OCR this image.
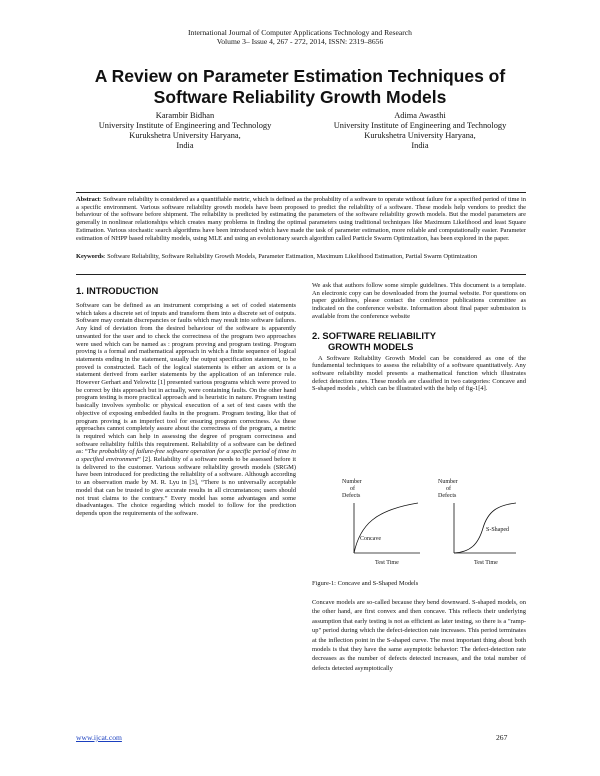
International Journal of Computer Applications Technology and Research
Volume 3– Issue 4, 267 - 272, 2014, ISSN: 2319–8656
A Review on Parameter Estimation Techniques of
Software Reliability Growth Models
Karambir Bidhan
University Institute of Engineering and Technology
Kurukshetra University Haryana,
India
Adima Awasthi
University Institute of Engineering and Technology
Kurukshetra University Haryana,
India
Abstract: Software reliability is considered as a quantifiable metric, which is defined as the probability of a software to operate without failure for a specified period of time in a specific environment. Various software reliability growth models have been proposed to predict the reliability of a software. These models help vendors to predict the behaviour of the software before shipment. The reliability is predicted by estimating the parameters of the software reliability growth models. But the model parameters are generally in nonlinear relationships which creates many problems in finding the optimal parameters using traditional techniques like Maximum Likelihood and least Square Estimation. Various stochastic search algorithms have been introduced which have made the task of parameter estimation, more reliable and computationally easier. Parameter estimation of NHPP based reliability models, using MLE and using an evolutionary search algorithm called Particle Swarm Optimization, has been explored in the paper.
Keywords: Software Reliability, Software Reliability Growth Models, Parameter Estimation, Maximum Likelihood Estimation, Partial Swarm Optimization
1. INTRODUCTION

Software can be defined as an instrument comprising a set of coded statements which takes a discrete set of inputs and transform them into a discrete set of outputs. Software may contain discrepancies or faults which may result into software failures. Any kind of deviation from the desired behaviour of the software is apparently unwanted for the user and to check the correctness of the program two approaches were used which can be named as : program proving and program testing. Program proving is a formal and mathematical approach in which a finite sequence of logical statements ending in the statement, usually the output specification statement, to be proved is constructed. Each of the logical statements is either an axiom or is a statement derived from earlier statements by the application of an inference rule. However Gerhart and Yelowitz [1] presented various programs which were proved to be correct by this approach but in actually, were containing faults. On the other hand program testing is more practical approach and is heuristic in nature. Program testing basically involves symbolic or physical execution of a set of test cases with the objective of exposing embedded faults in the program. Program testing, like that of program proving is an imperfect tool for ensuring program correctness. As these approaches cannot completely assure about the correctness of the program, a metric is required which can help in assessing the degree of program correctness and software reliability fulfils this requirement. Reliability of a software can be defined as: “The probability of failure-free software operation for a specific period of time in a specified environment” [2]. Reliability of a software needs to be assessed before it is delivered to the customer. Various software reliability growth models (SRGM) have been introduced for predicting the reliability of a software. Although according to an observation made by M. R. Lyu in [3], “There is no universally acceptable model that can be trusted to give accurate results in all circumstances; users should not trust claims to the contrary.” Every model has some advantages and some disadvantages. The choice regarding which model to follow for the prediction depends upon the requirements of the software.

We ask that authors follow some simple guidelines. This document is a template. An electronic copy can be downloaded from the journal website. For questions on paper guidelines, please contact the conference publications committee as indicated on the conference website. Information about final paper submission is available from the conference website

2. SOFTWARE RELIABILITY
GROWTH MODELS

A Software Reliability Growth Model can be considered as one of the fundamental techniques to assess the reliability of a software quantitatively. Any software reliability model presents a mathematical function which illustrates defect detection rates. These models are classified in two categories: Concave and S-shaped models , which can be illustrated with the help of fig-1[4].

Number
of
Defects
Concave
Test Time
Number
of
Defects
S-Shaped
Test Time
Figure-1: Concave and S-Shaped Models

Concave models are so-called because they bend downward. S-shaped models, on the other hand, are first convex and then concave. This reflects their underlying assumption that early testing is not as efficient as later testing, so there is a "ramp-up" period during which the defect-detection rate increases. This period terminates at the inflection point in the S-shaped curve. The most important thing about both models is that they have the same asymptotic behavior: The defect-detection rate decreases as the number of defects detected increases, and the total number of defects detected asymptotically

www.ijcat.com	267
